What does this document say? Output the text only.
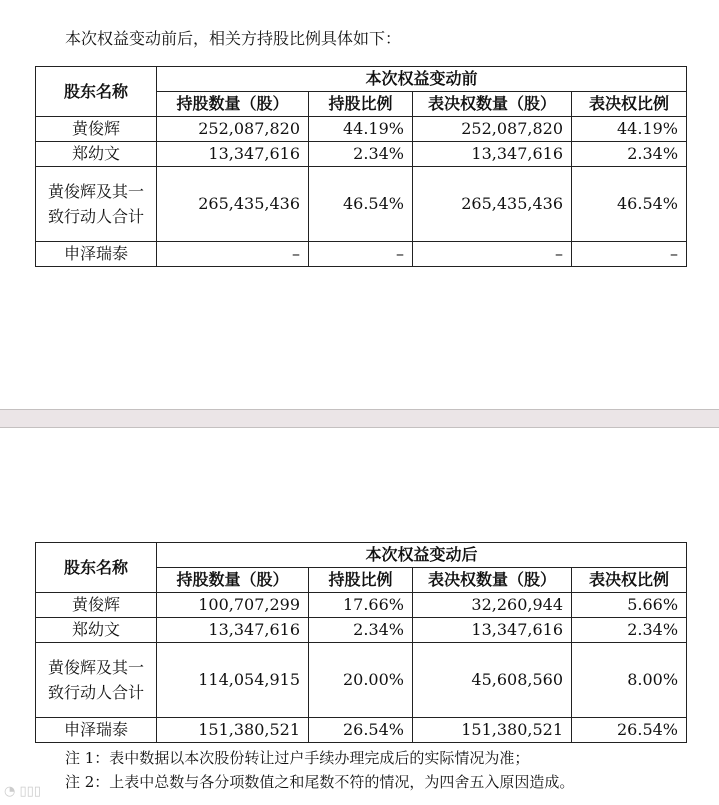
本次权益变动前后，相关方持股比例具体如下：
股东名称	本次权益变动前			
	持股数量（股）	持股比例	表决权数量（股）	表决权比例
黄俊辉	252,087,820	44.19%	252,087,820	44.19%
郑幼文	13,347,616	2.34%	13,347,616	2.34%
黄俊辉及其一致行动人合计	265,435,436	46.54%	265,435,436	46.54%
申泽瑞泰	–	–	–	–
股东名称	本次权益变动后			
	持股数量（股）	持股比例	表决权数量（股）	表决权比例
黄俊辉	100,707,299	17.66%	32,260,944	5.66%
郑幼文	13,347,616	2.34%	13,347,616	2.34%
黄俊辉及其一致行动人合计	114,054,915	20.00%	45,608,560	8.00%
申泽瑞泰	151,380,521	26.54%	151,380,521	26.54%
注 1：表中数据以本次股份转让过户手续办理完成后的实际情况为准；
注 2：上表中总数与各分项数值之和尾数不符的情况，为四舍五入原因造成。
◔ ▯▯▯
